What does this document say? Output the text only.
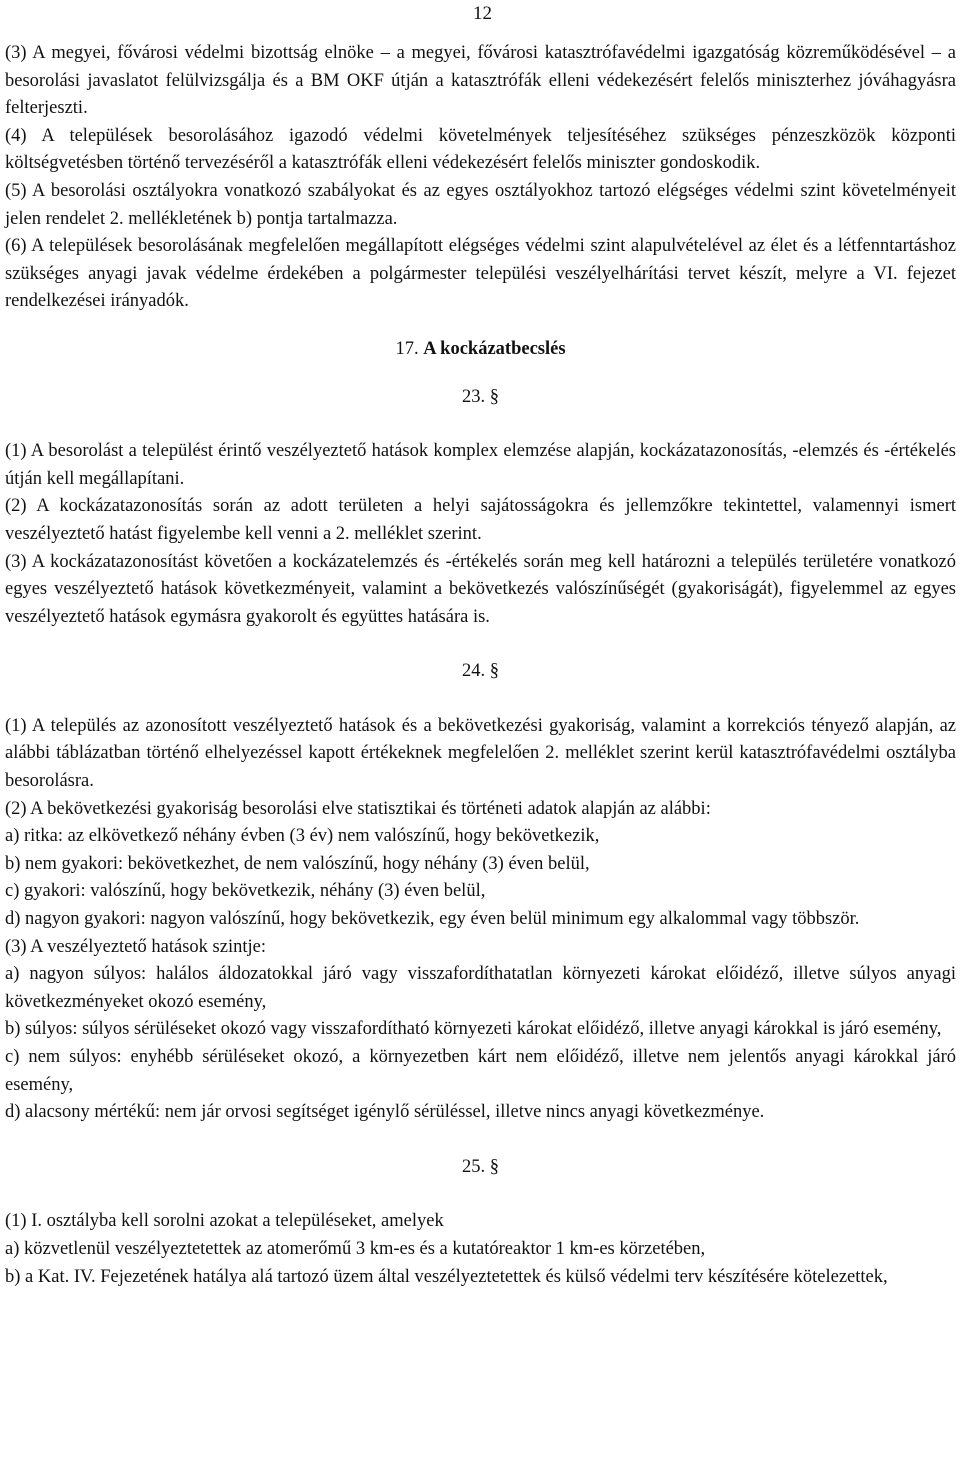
12

(3) A megyei, fővárosi védelmi bizottság elnöke – a megyei, fővárosi katasztrófavédelmi igazgatóság közreműködésével – a besorolási javaslatot felülvizsgálja és a BM OKF útján a katasztrófák elleni védekezésért felelős miniszterhez jóváhagyásra felterjeszti.

(4) A települések besorolásához igazodó védelmi követelmények teljesítéséhez szükséges pénzeszközök központi költségvetésben történő tervezéséről a katasztrófák elleni védekezésért felelős miniszter gondoskodik.

(5) A besorolási osztályokra vonatkozó szabályokat és az egyes osztályokhoz tartozó elégséges védelmi szint követelményeit jelen rendelet 2. mellékletének b) pontja tartalmazza.

(6) A települések besorolásának megfelelően megállapított elégséges védelmi szint alapulvételével az élet és a létfenntartáshoz szükséges anyagi javak védelme érdekében a polgármester települési veszélyelhárítási tervet készít, melyre a VI. fejezet rendelkezései irányadók.

17. A kockázatbecslés
23. §

(1) A besorolást a települést érintő veszélyeztető hatások komplex elemzése alapján, kockázatazonosítás, -elemzés és -értékelés útján kell megállapítani.

(2) A kockázatazonosítás során az adott területen a helyi sajátosságokra és jellemzőkre tekintettel, valamennyi ismert veszélyeztető hatást figyelembe kell venni a 2. melléklet szerint.

(3) A kockázatazonosítást követően a kockázatelemzés és -értékelés során meg kell határozni a település területére vonatkozó egyes veszélyeztető hatások következményeit, valamint a bekövetkezés valószínűségét (gyakoriságát), figyelemmel az egyes veszélyeztető hatások egymásra gyakorolt és együttes hatására is.

24. §

(1) A település az azonosított veszélyeztető hatások és a bekövetkezési gyakoriság, valamint a korrekciós tényező alapján, az alábbi táblázatban történő elhelyezéssel kapott értékeknek megfelelően 2. melléklet szerint kerül katasztrófavédelmi osztályba besorolásra.

(2) A bekövetkezési gyakoriság besorolási elve statisztikai és történeti adatok alapján az alábbi:

a) ritka: az elkövetkező néhány évben (3 év) nem valószínű, hogy bekövetkezik,

b) nem gyakori: bekövetkezhet, de nem valószínű, hogy néhány (3) éven belül,

c) gyakori: valószínű, hogy bekövetkezik, néhány (3) éven belül,

d) nagyon gyakori: nagyon valószínű, hogy bekövetkezik, egy éven belül minimum egy alkalommal vagy többször.

(3) A veszélyeztető hatások szintje:

a) nagyon súlyos: halálos áldozatokkal járó vagy visszafordíthatatlan környezeti károkat előidéző, illetve súlyos anyagi következményeket okozó esemény,

b) súlyos: súlyos sérüléseket okozó vagy visszafordítható környezeti károkat előidéző, illetve anyagi károkkal is járó esemény,

c) nem súlyos: enyhébb sérüléseket okozó, a környezetben kárt nem előidéző, illetve nem jelentős anyagi károkkal járó esemény,

d) alacsony mértékű: nem jár orvosi segítséget igénylő sérüléssel, illetve nincs anyagi következménye.

25. §

(1) I. osztályba kell sorolni azokat a településeket, amelyek

a) közvetlenül veszélyeztetettek az atomerőmű 3 km-es és a kutatóreaktor 1 km-es körzetében,

b) a Kat. IV. Fejezetének hatálya alá tartozó üzem által veszélyeztetettek és külső védelmi terv készítésére kötelezettek,
